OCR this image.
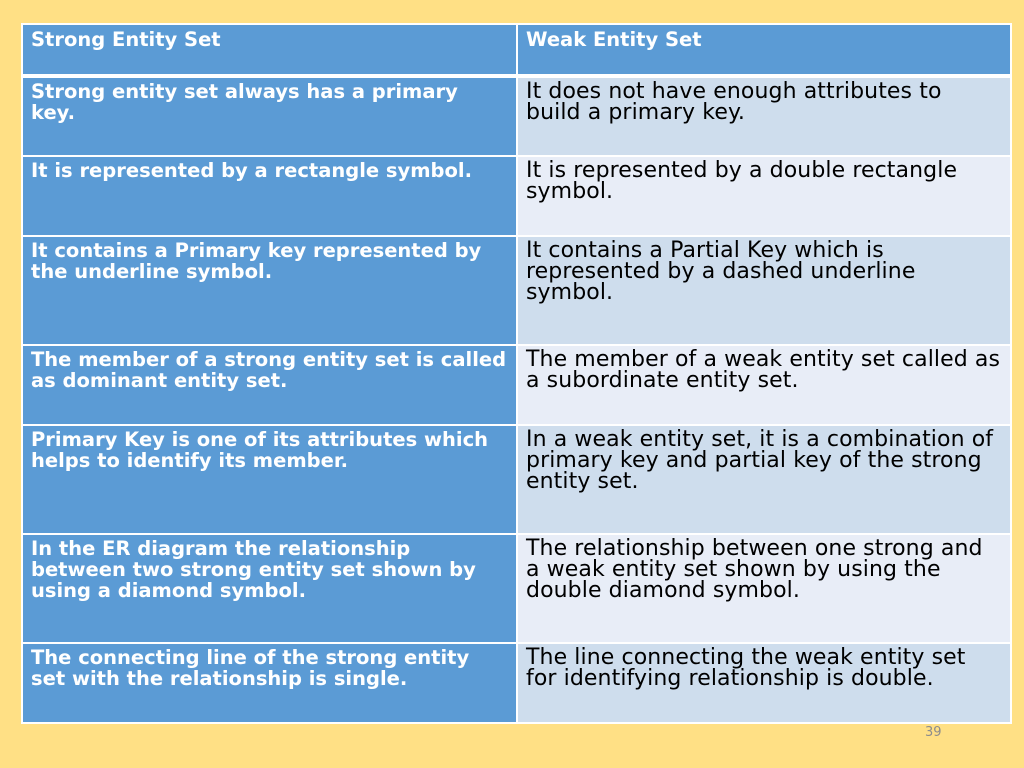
Strong Entity Set	Weak Entity Set
Strong entity set always has a primary key.	It does not have enough attributes to build a primary key.
It is represented by a rectangle symbol.	It is represented by a double rectangle symbol.
It contains a Primary key represented by the underline symbol.	It contains a Partial Key which is represented by a dashed underline symbol.
The member of a strong entity set is called as dominant entity set.	The member of a weak entity set called as a subordinate entity set.
Primary Key is one of its attributes which helps to identify its member.	In a weak entity set, it is a combination of primary key and partial key of the strong entity set.
In the ER diagram the relationship between two strong entity set shown by using a diamond symbol.	The relationship between one strong and a weak entity set shown by using the double diamond symbol.
The connecting line of the strong entity set with the relationship is single.	The line connecting the weak entity set for identifying relationship is double.
39
